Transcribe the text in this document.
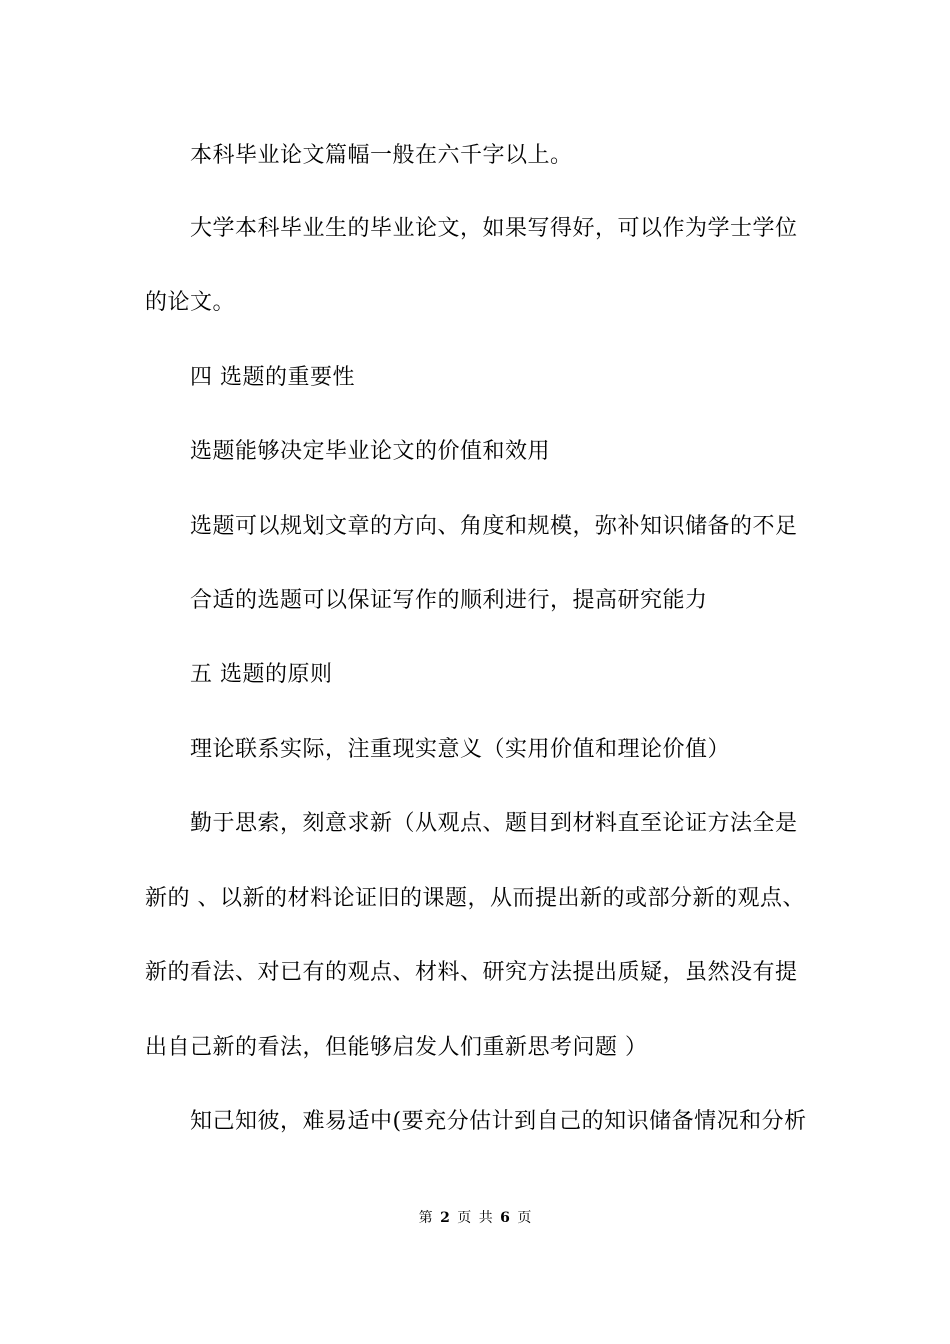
本科毕业论文篇幅一般在六千字以上。
大学本科毕业生的毕业论文，如果写得好，可以作为学士学位
的论文。
四 选题的重要性
选题能够决定毕业论文的价值和效用
选题可以规划文章的方向、角度和规模，弥补知识储备的不足
合适的选题可以保证写作的顺利进行，提高研究能力
五 选题的原则
理论联系实际，注重现实意义（实用价值和理论价值）
勤于思索，刻意求新（从观点、题目到材料直至论证方法全是
新的 、以新的材料论证旧的课题，从而提出新的或部分新的观点、
新的看法、对已有的观点、材料、研究方法提出质疑，虽然没有提
出自己新的看法，但能够启发人们重新思考问题 ）
知己知彼，难易适中(要充分估计到自己的知识储备情况和分析
第 2 页 共 6 页
